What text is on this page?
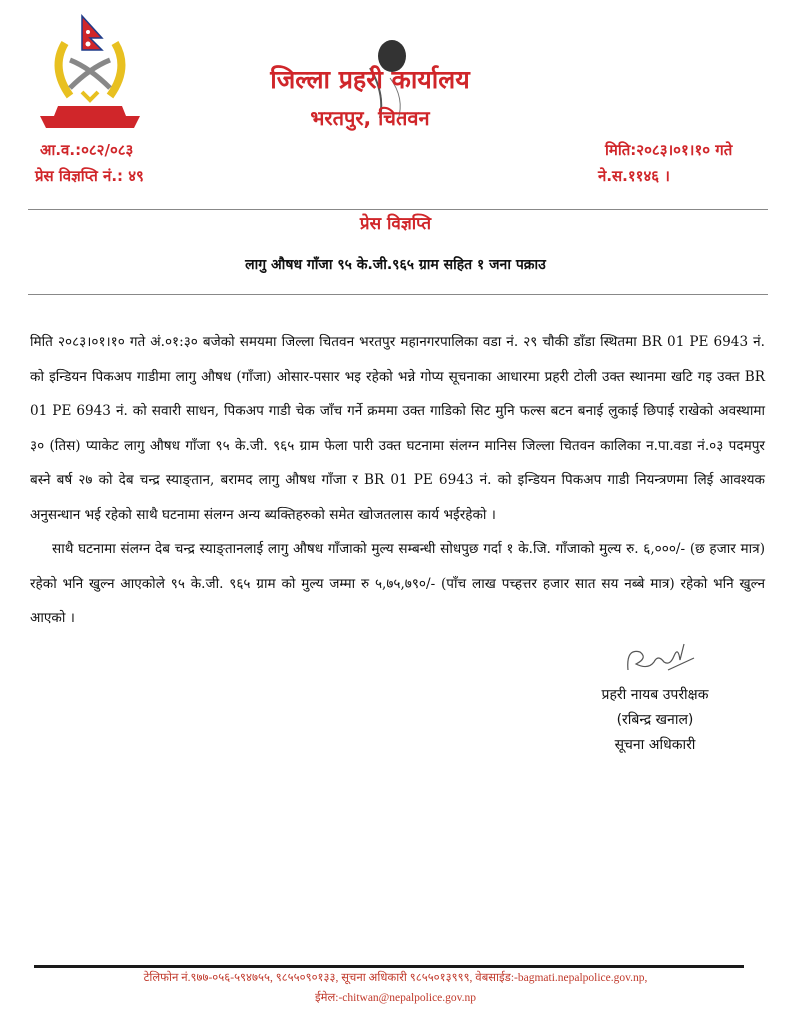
जिल्ला प्रहरी कार्यालय
भरतपुर, चितवन
आ.व.:०८२/०८३
प्रेस विज्ञप्ति नं.: ४९
मिति:२०८३।०१।१० गते
ने.स.११४६ ।
प्रेस विज्ञप्ति
लागु औषध गाँजा ९५ के.जी.९६५ ग्राम सहित १ जना पक्राउ

मिति २०८३।०१।१० गते अं.०१:३० बजेको समयमा जिल्ला चितवन भरतपुर महानगरपालिका वडा नं. २९ चौकी डाँडा स्थितमा BR 01 PE 6943 नं. को इन्डियन पिकअप गाडीमा लागु औषध (गाँजा) ओसार-पसार भइ रहेको भन्ने गोप्य सूचनाका आधारमा प्रहरी टोली उक्त स्थानमा खटि गइ उक्त BR 01 PE 6943 नं. को सवारी साधन, पिकअप गाडी चेक जाँच गर्ने क्रममा उक्त गाडिको सिट मुनि फल्स बटन बनाई लुकाई छिपाई राखेको अवस्थामा ३० (तिस) प्याकेट लागु औषध गाँजा ९५ के.जी. ९६५ ग्राम फेला पारी उक्त घटनामा संलग्न मानिस जिल्ला चितवन कालिका न.पा.वडा नं.०३ पदमपुर बस्ने बर्ष २७ को देब चन्द्र स्याङ्तान, बरामद लागु औषध गाँजा र BR 01 PE 6943 नं. को इन्डियन पिकअप गाडी नियन्त्रणमा लिई आवश्यक अनुसन्धान भई रहेको साथै घटनामा संलग्न अन्य ब्यक्तिहरुको समेत खोजतलास कार्य भईरहेको ।

साथै घटनामा संलग्न देब चन्द्र स्याङ्तानलाई लागु औषध गाँजाको मुल्य सम्बन्धी सोधपुछ गर्दा १ के.जि. गाँजाको मुल्य रु. ६,०००/- (छ हजार मात्र) रहेको भनि खुल्न आएकोले ९५ के.जी. ९६५ ग्राम को मुल्य जम्मा रु ५,७५,७९०/- (पाँच लाख पच्हत्तर हजार सात सय नब्बे मात्र) रहेको भनि खुल्न आएको ।

प्रहरी नायब उपरीक्षक
(रबिन्द्र खनाल)
सूचना अधिकारी
टेलिफोन नं.९७७-०५६-५९४७५५, ९८५५०९०१३३, सूचना अधिकारी ९८५५०१३९९९, वेबसाईड:-bagmati.nepalpolice.gov.np,
ईमेल:-chitwan@nepalpolice.gov.np
